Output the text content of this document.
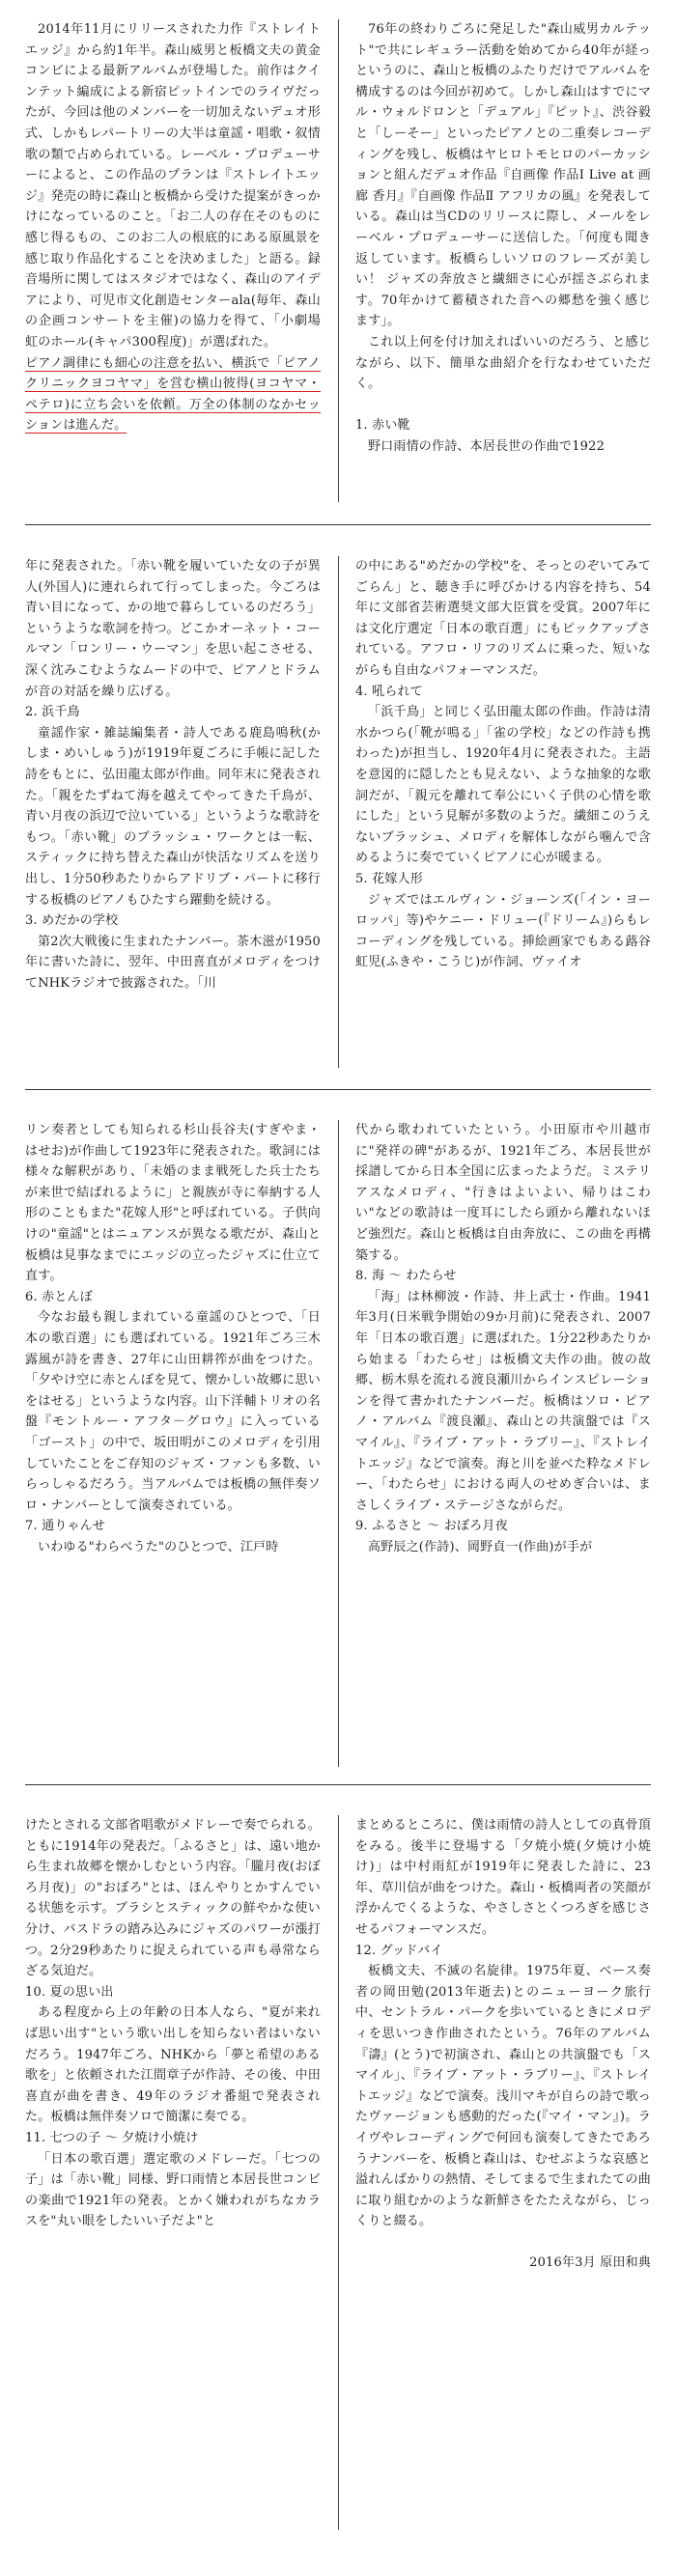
2014年11月にリリースされた力作『ストレイトエッジ』から約1年半。森山威男と板橋文夫の黄金コンビによる最新アルバムが登場した。前作はクインテット編成による新宿ピットインでのライヴだったが、今回は他のメンバーを一切加えないデュオ形式、しかもレパートリーの大半は童謡・唱歌・叙情歌の類で占められている。レーベル・プロデューサーによると、この作品のプランは『ストレイトエッジ』発売の時に森山と板橋から受けた提案がきっかけになっているのこと。「お二人の存在そのものに感じ得るもの、このお二人の根底的にある原風景を感じ取り作品化することを決めました」と語る。録音場所に関してはスタジオではなく、森山のアイデアにより、可児市文化創造センターala(毎年、森山の企画コンサートを主催)の協力を得て、「小劇場 虹のホール(キャパ300程度)」が選ばれた。

ピアノ調律にも細心の注意を払い、横浜で「ピアノクリニックヨコヤマ」を営む横山彼得(ヨコヤマ・ペテロ)に立ち会いを依頼。万全の体制のなかセッションは進んだ。

76年の終わりごろに発足した"森山威男カルテット"で共にレギュラー活動を始めてから40年が経っというのに、森山と板橋のふたりだけでアルバムを構成するのは今回が初めて。しかし森山はすでにマル・ウォルドロンと「デュアル」『ピット』、渋谷毅と「しーそー」といったピアノとの二重奏レコーディングを残し、板橋はヤヒロトモヒロのパーカッションと組んだデュオ作品『自画像 作品Ⅰ Live at 画廊 香月』『自画像 作品Ⅱ アフリカの風』を発表している。森山は当CDのリリースに際し、メールをレーベル・プロデューサーに送信した。「何度も聞き返しています。板橋らしいソロのフレーズが美しい！ ジャズの奔放さと繊細さに心が揺さぶられます。70年かけて蓄積された音への郷愁を強く感じます」。

これ以上何を付け加えればいいのだろう、と感じながら、以下、簡単な曲紹介を行なわせていただく。

1. 赤い靴
野口雨情の作詩、本居長世の作曲で1922

年に発表された。「赤い靴を履いていた女の子が異人(外国人)に連れられて行ってしまった。今ごろは青い目になって、かの地で暮らしているのだろう」というような歌詞を持つ。どこかオーネット・コールマン「ロンリー・ウーマン」を思い起こさせる、深く沈みこむようなムードの中で、ピアノとドラムが音の対話を繰り広げる。

2. 浜千鳥

童謡作家・雑誌編集者・詩人である鹿島鳴秋(かしま・めいしゅう)が1919年夏ごろに手帳に記した詩をもとに、弘田龍太郎が作曲。同年末に発表された。「親をたずねて海を越えてやってきた千鳥が、青い月夜の浜辺で泣いている」というような歌詩をもつ。「赤い靴」のブラッシュ・ワークとは一転、スティックに持ち替えた森山が快活なリズムを送り出し、1分50秒あたりからアドリブ・パートに移行する板橋のピアノもひたすら躍動を続ける。

3. めだかの学校

第2次大戦後に生まれたナンバー。茶木滋が1950年に書いた詩に、翌年、中田喜直がメロディをつけてNHKラジオで披露された。「川

の中にある"めだかの学校"を、そっとのぞいてみてごらん」と、聴き手に呼びかける内容を持ち、54年に文部省芸術選奨文部大臣賞を受賞。2007年には文化庁選定「日本の歌百選」にもピックアップされている。アフロ・リフのリズムに乗った、短いながらも自由なパフォーマンスだ。

4. 吼られて

「浜千鳥」と同じく弘田龍太郎の作曲。作詩は清水かつら(「靴が鳴る」「雀の学校」などの作詩も携わった)が担当し、1920年4月に発表された。主語を意図的に隠したとも見えない、ような抽象的な歌詞だが、「親元を離れて奉公にいく子供の心情を歌にした」という見解が多数のようだ。繊細このうえないブラッシュ、メロディを解体しながら噛んで含めるように奏でていくピアノに心が暖まる。

5. 花嫁人形

ジャズではエルヴィン・ジョーンズ(「イン・ヨーロッパ」等)やケニー・ドリュー(『ドリーム』)らもレコーディングを残している。挿絵画家でもある蕗谷虹児(ふきや・こうじ)が作詞、ヴァイオ

リン奏者としても知られる杉山長谷夫(すぎやま・はせお)が作曲して1923年に発表された。歌詞には様々な解釈があり、「未婚のまま戦死した兵士たちが来世で結ばれるように」と親族が寺に奉納する人形のこともまた"花嫁人形"と呼ばれている。子供向けの"童謡"とはニュアンスが異なる歌だが、森山と板橋は見事なまでにエッジの立ったジャズに仕立て直す。

6. 赤とんぼ

今なお最も親しまれている童謡のひとつで、「日本の歌百選」にも選ばれている。1921年ごろ三木露風が詩を書き、27年に山田耕筰が曲をつけた。「夕やけ空に赤とんぼを見て、懐かしい故郷に思いをはせる」というような内容。山下洋輔トリオの名盤『モントルー・アフタ－グロウ』に入っている「ゴースト」の中で、坂田明がこのメロディを引用していたことをご存知のジャズ・ファンも多数、いらっしゃるだろう。当アルバムでは板橋の無伴奏ソロ・ナンバーとして演奏されている。

7. 通りゃんせ

いわゆる"わらべうた"のひとつで、江戸時

代から歌われていたという。小田原市や川越市に"発祥の碑"があるが、1921年ごろ、本居長世が採譜してから日本全国に広まったようだ。ミステリアスなメロディ、"行きはよいよい、帰りはこわい"などの歌詩は一度耳にしたら頭から離れないほど強烈だ。森山と板橋は自由奔放に、この曲を再構築する。

8. 海 ～ わたらせ

「海」は林柳波・作詩、井上武士・作曲。1941年3月(日米戦争開始の9か月前)に発表され、2007年「日本の歌百選」に選ばれた。1分22秒あたりから始まる「わたらせ」は板橋文夫作の曲。彼の故郷、栃木県を流れる渡良瀬川からインスピレーションを得て書かれたナンバーだ。板橋はソロ・ピアノ・アルバム『渡良瀬』、森山との共演盤では『スマイル』、『ライブ・アット・ラブリー』、『ストレイトエッジ』などで演奏。海と川を並べた粋なメドレー、「わたらせ」における両人のせめぎ合いは、まさしくライブ・ステージさながらだ。

9. ふるさと ～ おぼろ月夜

高野辰之(作詩)、岡野貞一(作曲)が手が

けたとされる文部省唱歌がメドレーで奏でられる。ともに1914年の発表だ。「ふるさと」は、遠い地から生まれ故郷を懐かしむという内容。「朧月夜(おぼろ月夜)」の"おぼろ"とは、ほんやりとかすんでいる状態を示す。ブラシとスティックの鮮やかな使い分け、バスドラの踏み込みにジャズのパワーが漲打つ。2分29秒あたりに捉えられている声も尋常ならざる気迫だ。

10. 夏の思い出

ある程度から上の年齢の日本人なら、"夏が来れば思い出す"という歌い出しを知らない者はいないだろう。1947年ごろ、NHKから「夢と希望のある歌を」と依頼された江間章子が作詩、その後、中田喜直が曲を書き、49年のラジオ番組で発表された。板橋は無伴奏ソロで簡潔に奏でる。

11. 七つの子 ～ 夕焼け小焼け

「日本の歌百選」選定歌のメドレーだ。「七つの子」は「赤い靴」同様、野口雨情と本居長世コンビの楽曲で1921年の発表。とかく嫌われがちなカラスを"丸い眼をしたいい子だよ"と

まとめるところに、僕は雨情の詩人としての真骨頂をみる。後半に登場する「夕焼小焼(夕焼け小焼け)」は中村雨紅が1919年に発表した詩に、23年、草川信が曲をつけた。森山・板橋両者の笑顔が浮かんでくるような、やさしさとくつろぎを感じさせるパフォーマンスだ。

12. グッドバイ

板橋文夫、不滅の名旋律。1975年夏、ベース奏者の岡田勉(2013年逝去)とのニューヨーク旅行中、セントラル・パークを歩いているときにメロディを思いつき作曲されたという。76年のアルバム『濤』(とう)で初演され、森山との共演盤でも「スマイル」、『ライブ・アット・ラブリー』、『ストレイトエッジ』などで演奏。浅川マキが自らの詩で歌ったヴァージョンも感動的だった(『マイ・マン』)。ライヴやレコーディングで何回も演奏してきたであろうナンバーを、板橋と森山は、むせぶような哀感と溢れんばかりの熱情、そしてまるで生まれたての曲に取り組むかのような新鮮さをたたえながら、じっくりと綴る。

2016年3月 原田和典
